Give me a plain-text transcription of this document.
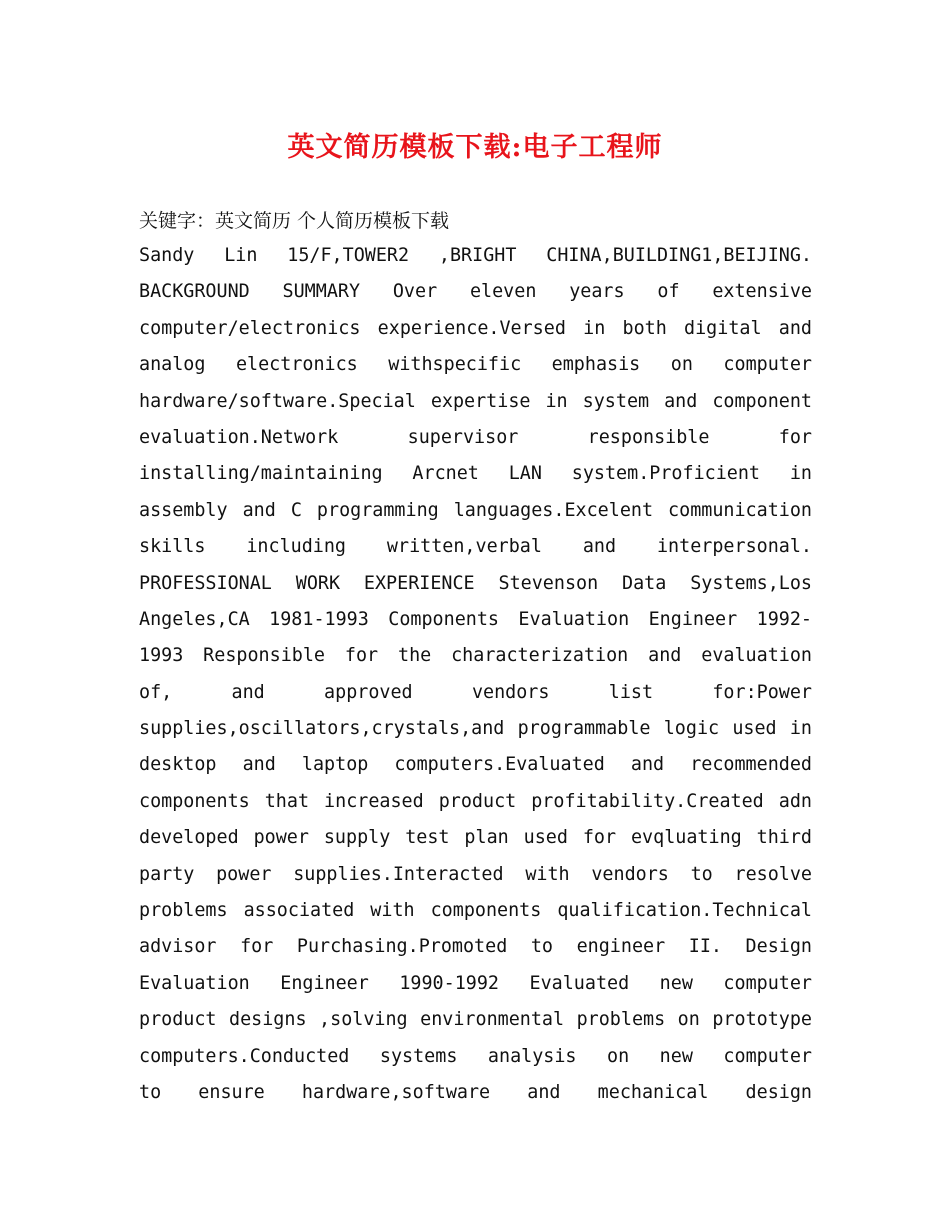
英文简历模板下载:电子工程师
关键字：英文简历 个人简历模板下载
Sandy Lin 15/F,TOWER2 ,BRIGHT CHINA,BUILDING1,BEIJING.
BACKGROUND SUMMARY Over eleven years of extensive
computer/electronics experience.Versed in both digital and
analog electronics withspecific emphasis on computer
hardware/software.Special expertise in system and component
evaluation.Network supervisor responsible for
installing/maintaining Arcnet LAN system.Proficient in
assembly and C programming languages.Excelent communication
skills including written,verbal and interpersonal.
PROFESSIONAL WORK EXPERIENCE Stevenson Data Systems,Los
Angeles,CA 1981-1993 Components Evaluation Engineer 1992-
1993 Responsible for the characterization and evaluation
of, and approved vendors list for:Power
supplies,oscillators,crystals,and programmable logic used in
desktop and laptop computers.Evaluated and recommended
components that increased product profitability.Created adn
developed power supply test plan used for evqluating third
party power supplies.Interacted with vendors to resolve
problems associated with components qualification.Technical
advisor for Purchasing.Promoted to engineer II. Design
Evaluation Engineer 1990-1992 Evaluated new computer
product designs ,solving environmental problems on prototype
computers.Conducted systems analysis on new computer
to ensure hardware,software and mechanical design
